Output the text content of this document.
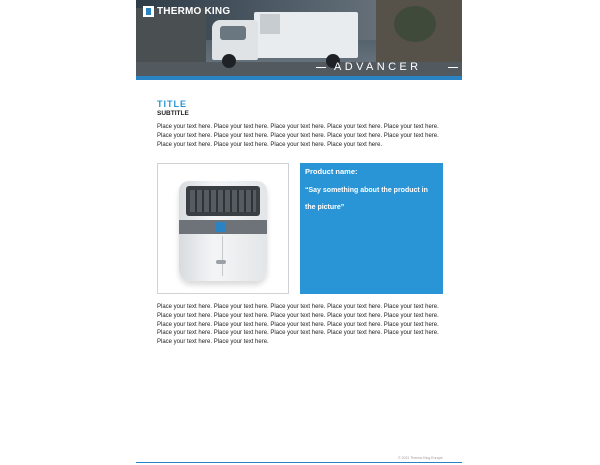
THERMO KING
ADVANCER
TITLE
SUBTITLE

Place your text here. Place your text here. Place your text here. Place your text here. Place your text here. Place your text here. Place your text here. Place your text here. Place your text here. Place your text here. Place your text here. Place your text here. Place your text here. Place your text here.

Product name:

“Say something about the product in the picture”

Place your text here. Place your text here. Place your text here. Place your text here. Place your text here. Place your text here. Place your text here. Place your text here. Place your text here. Place your text here. Place your text here. Place your text here. Place your text here. Place your text here. Place your text here. Place your text here. Place your text here. Place your text here. Place your text here. Place your text here. Place your text here. Place your text here.

© 2021 Thermo King Europe
